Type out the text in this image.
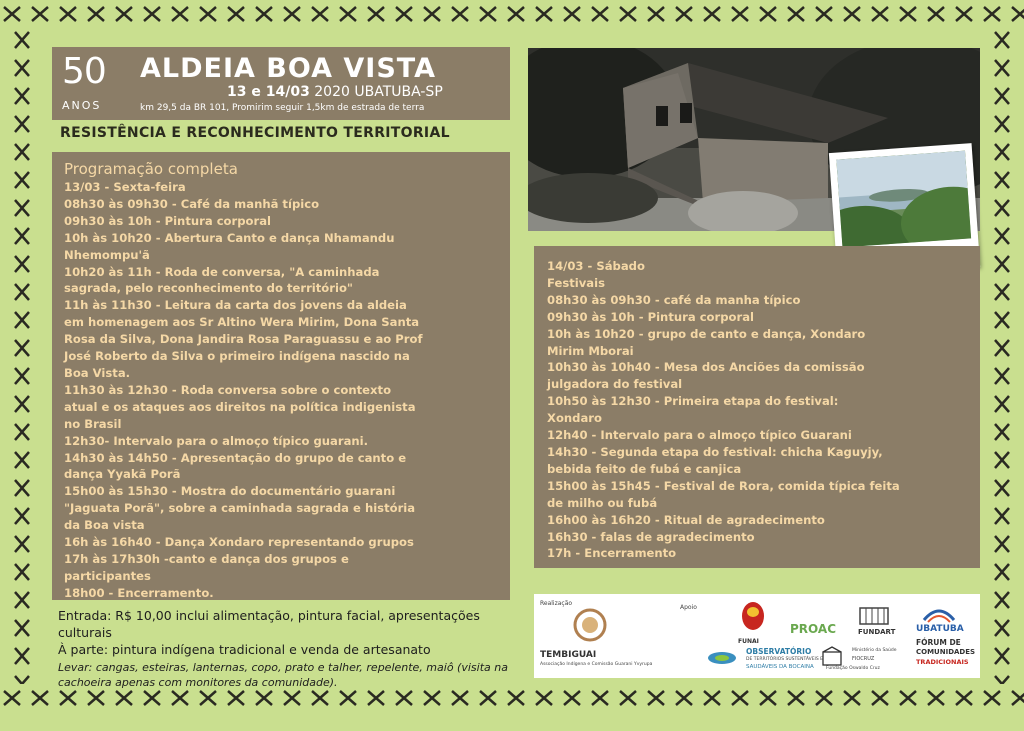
50
ANOS
ALDEIA BOA VISTA
13 e 14/03 2020 UBATUBA-SP
km 29,5 da BR 101, Promirim seguir 1,5km de estrada de terra
RESISTÊNCIA E RECONHECIMENTO TERRITORIAL
Programação completa
13/03 - Sexta-feira
08h30 às 09h30 - Café da manhã típico
09h30 às 10h - Pintura corporal
10h às 10h20 - Abertura Canto e dança Nhamandu
Nhemompu'ã
10h20 às 11h - Roda de conversa, "A caminhada
sagrada, pelo reconhecimento do território"
11h às 11h30 - Leitura da carta dos jovens da aldeia
em homenagem aos Sr Altino Wera Mirim, Dona Santa
Rosa da Silva, Dona Jandira Rosa Paraguassu e ao Prof
José Roberto da Silva o primeiro indígena nascido na
Boa Vista.
11h30 às 12h30 - Roda conversa sobre o contexto
atual e os ataques aos direitos na política indigenista
no Brasil
12h30- Intervalo para o almoço típico guarani.
14h30 às 14h50 - Apresentação do grupo de canto e
dança Yyakã Porã
15h00 às 15h30 - Mostra do documentário guarani
"Jaguata Porã", sobre a caminhada sagrada e história
da Boa vista
16h às 16h40 - Dança Xondaro representando grupos
17h às 17h30h -canto e dança dos grupos e
participantes
18h00 - Encerramento.
14/03 - Sábado
Festivais
08h30 às 09h30 - café da manha típico
09h30 às 10h - Pintura corporal
10h às 10h20 - grupo de canto e dança, Xondaro
Mirim Mborai
10h30 às 10h40 - Mesa dos Anciões da comissão
julgadora do festival
10h50 às 12h30 - Primeira etapa do festival:
Xondaro
12h40 - Intervalo para o almoço típico Guarani
14h30 - Segunda etapa do festival: chicha Kaguyjy,
bebida feito de fubá e canjica
15h00 às 15h45 - Festival de Rora, comida típica feita
de milho ou fubá
16h00 às 16h20 - Ritual de agradecimento
16h30 - falas de agradecimento
17h - Encerramento
Entrada: R$ 10,00 inclui alimentação, pintura facial, apresentações culturais
À parte: pintura indígena tradicional e venda de artesanato
Levar: cangas, esteiras, lanternas, copo, prato e talher, repelente, maiô (visita na cachoeira apenas com monitores da comunidade).
Realização
TEMBIGUAI
Associação Indígena e Comissão Guarani Yvyrupa
Apoio
FUNAI
PROAC	FUNDART UBATUBA
OBSERVATÓRIO
DE TERRITÓRIOS SUSTENTÁVEIS E
SAUDÁVEIS DA BOCAINA
Ministério da Saúde
FIOCRUZ
Fundação Oswaldo Cruz
FÓRUM DE
COMUNIDADES
TRADICIONAIS
